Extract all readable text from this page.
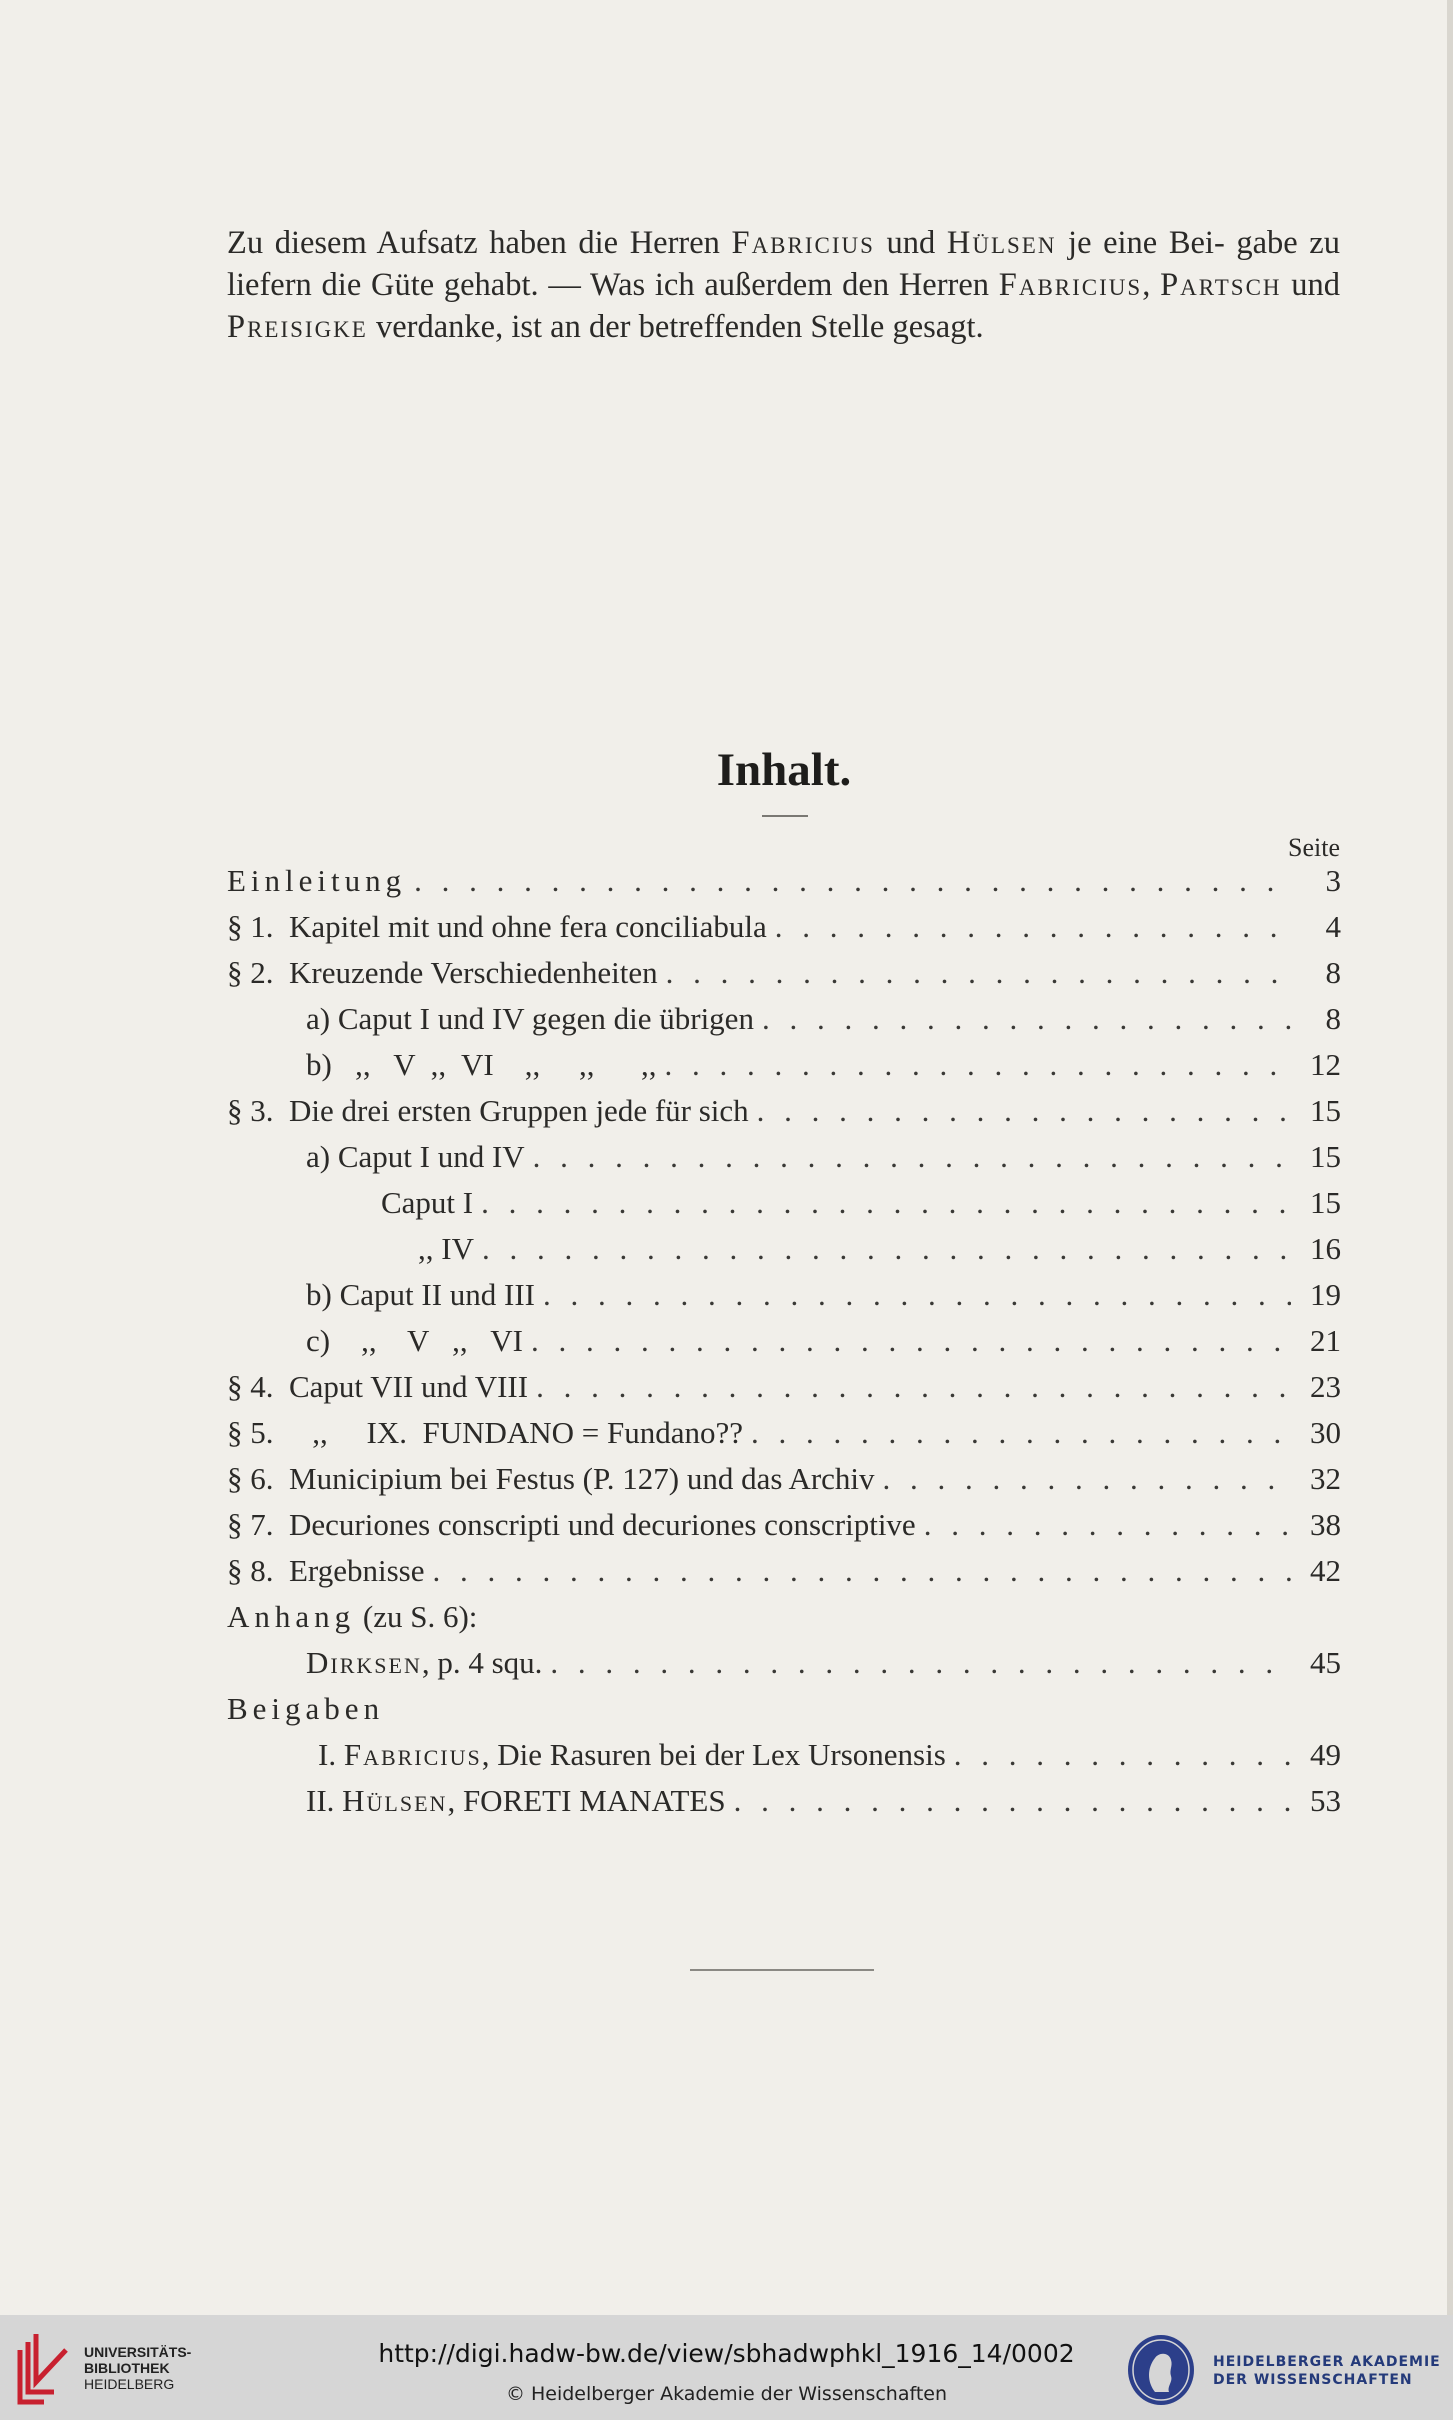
Zu diesem Aufsatz haben die Herren Fabricius und Hülsen je eine Bei- gabe zu liefern die Güte gehabt. — Was ich außerdem den Herren Fabricius, Partsch und Preisigke verdanke, ist an der betreffenden Stelle gesagt.
Inhalt.
Seite
Einleitung . . .	3
§ 1.  Kapitel mit und ohne fera conciliabula . . .	4
§ 2.  Kreuzende Verschiedenheiten . . .	8
a) Caput I und IV gegen die übrigen . . .	8
b)   ,,   V  ,,  VI    ,,     ,,      ,, . . .	12
§ 3.  Die drei ersten Gruppen jede für sich . . .	15
a) Caput I und IV . . .	15
Caput I . . .	15
,, IV . . .	16
b) Caput II und III . . .	19
c)    ,,    V   ,,   VI . . .	21
§ 4.  Caput VII und VIII . . .	23
§ 5.     ,,     IX.  FUNDANO = Fundano?? . . .	30
§ 6.  Municipium bei Festus (P. 127) und das Archiv . . .	32
§ 7.  Decuriones conscripti und decuriones conscriptive . . .	38
§ 8.  Ergebnisse . . .	42
Anhang (zu S. 6):
Dirksen, p. 4 squ. . . .	45
Beigaben
I. Fabricius, Die Rasuren bei der Lex Ursonensis . . .	49
II. Hülsen, FORETI MANATES . . .	53
UNIVERSITÄTS-
BIBLIOTHEK
HEIDELBERG
http://digi.hadw-bw.de/view/sbhadwphkl_1916_14/0002
© Heidelberger Akademie der Wissenschaften
HEIDELBERGER AKADEMIE
DER WISSENSCHAFTEN
